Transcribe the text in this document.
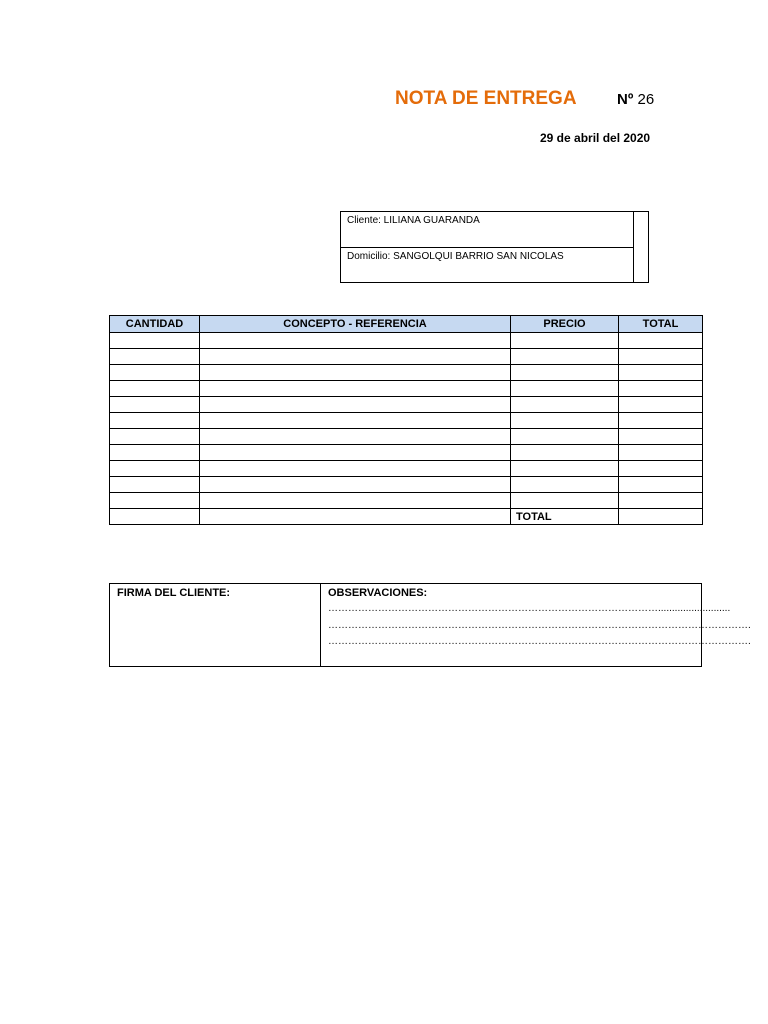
NOTA DE ENTREGA	Nº 26
29 de abril del 2020
Cliente: LILIANA GUARANDA
Domicilio: SANGOLQUI BARRIO SAN NICOLAS
CANTIDAD	CONCEPTO - REFERENCIA	PRECIO	TOTAL

		TOTAL	
FIRMA DEL CLIENTE:	OBSERVACIONES:
………………………………………………………………………………………..........................
……………………………………………………………………………………………………………….
……………………………………………………………………………………………………………….
